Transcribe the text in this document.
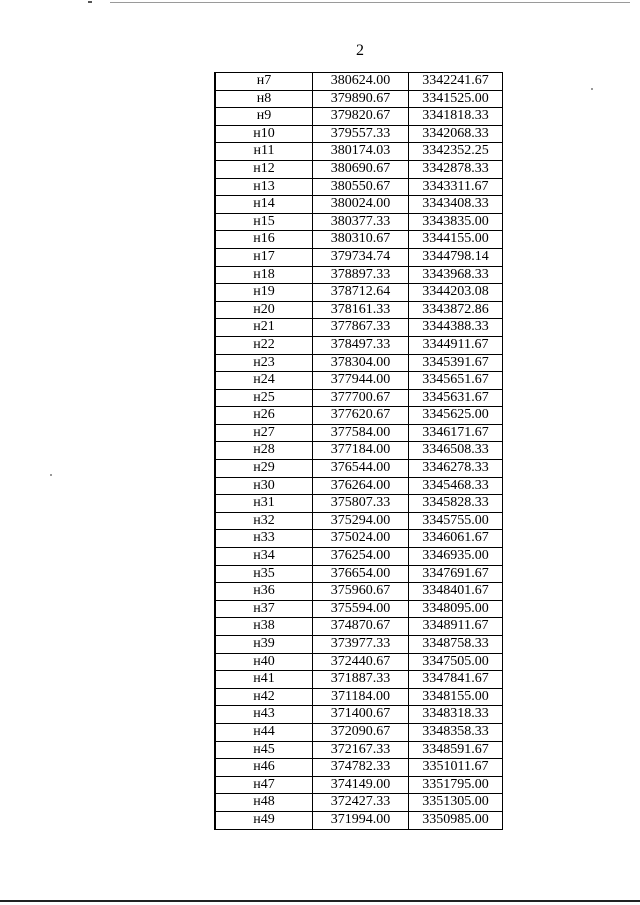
2
н7	380624.00	3342241.67
н8	379890.67	3341525.00
н9	379820.67	3341818.33
н10	379557.33	3342068.33
н11	380174.03	3342352.25
н12	380690.67	3342878.33
н13	380550.67	3343311.67
н14	380024.00	3343408.33
н15	380377.33	3343835.00
н16	380310.67	3344155.00
н17	379734.74	3344798.14
н18	378897.33	3343968.33
н19	378712.64	3344203.08
н20	378161.33	3343872.86
н21	377867.33	3344388.33
н22	378497.33	3344911.67
н23	378304.00	3345391.67
н24	377944.00	3345651.67
н25	377700.67	3345631.67
н26	377620.67	3345625.00
н27	377584.00	3346171.67
н28	377184.00	3346508.33
н29	376544.00	3346278.33
н30	376264.00	3345468.33
н31	375807.33	3345828.33
н32	375294.00	3345755.00
н33	375024.00	3346061.67
н34	376254.00	3346935.00
н35	376654.00	3347691.67
н36	375960.67	3348401.67
н37	375594.00	3348095.00
н38	374870.67	3348911.67
н39	373977.33	3348758.33
н40	372440.67	3347505.00
н41	371887.33	3347841.67
н42	371184.00	3348155.00
н43	371400.67	3348318.33
н44	372090.67	3348358.33
н45	372167.33	3348591.67
н46	374782.33	3351011.67
н47	374149.00	3351795.00
н48	372427.33	3351305.00
н49	371994.00	3350985.00
